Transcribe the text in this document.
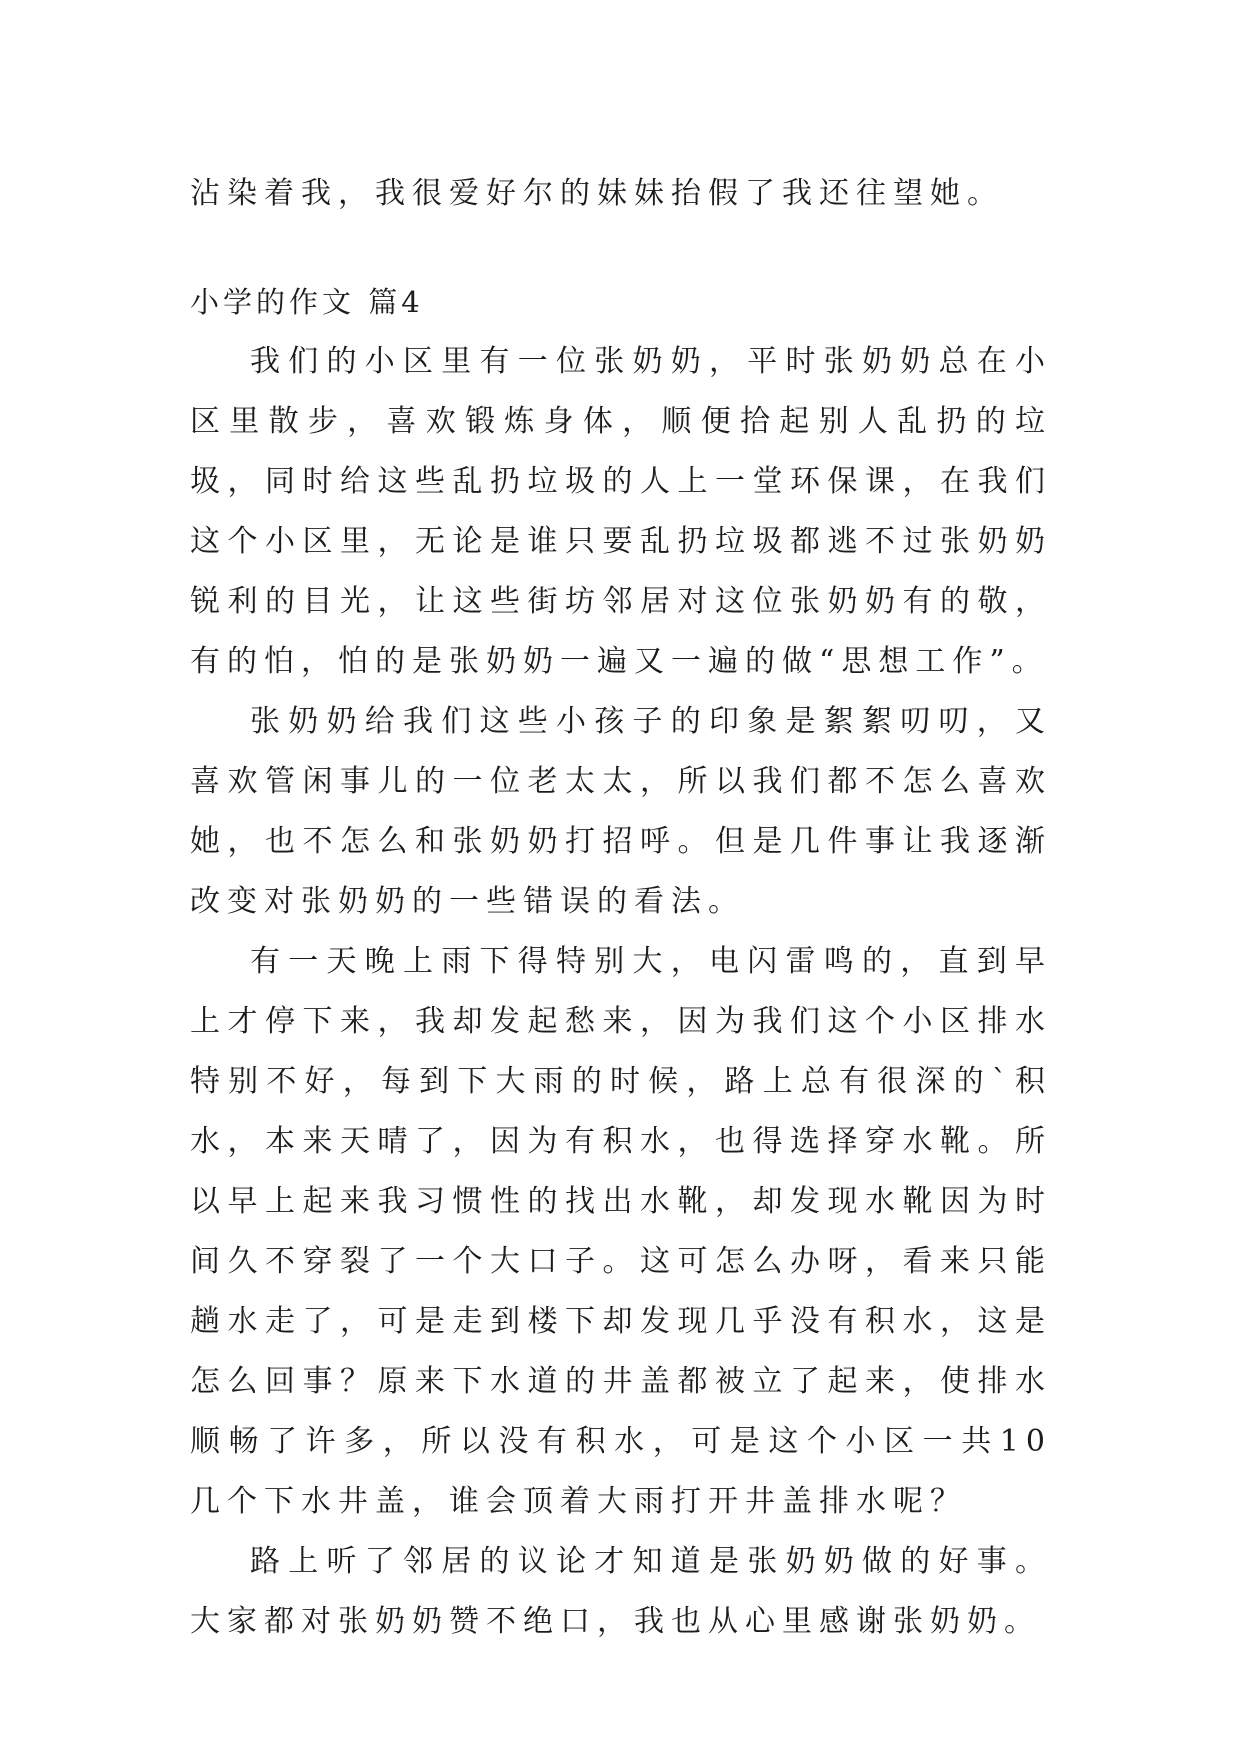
沾染着我，我很爱好尔的妹妹抬假了我还往望她。
小学的作文 篇4

我们的小区里有一位张奶奶，平时张奶奶总在小区里散步，喜欢锻炼身体，顺便拾起别人乱扔的垃圾，同时给这些乱扔垃圾的人上一堂环保课，在我们这个小区里，无论是谁只要乱扔垃圾都逃不过张奶奶锐利的目光，让这些街坊邻居对这位张奶奶有的敬，有的怕，怕的是张奶奶一遍又一遍的做“思想工作”。

张奶奶给我们这些小孩子的印象是絮絮叨叨，又喜欢管闲事儿的一位老太太，所以我们都不怎么喜欢她，也不怎么和张奶奶打招呼。但是几件事让我逐渐改变对张奶奶的一些错误的看法。

有一天晚上雨下得特别大，电闪雷鸣的，直到早上才停下来，我却发起愁来，因为我们这个小区排水特别不好，每到下大雨的时候，路上总有很深的`积水，本来天晴了，因为有积水，也得选择穿水靴。所以早上起来我习惯性的找出水靴，却发现水靴因为时间久不穿裂了一个大口子。这可怎么办呀，看来只能趟水走了，可是走到楼下却发现几乎没有积水，这是怎么回事？原来下水道的井盖都被立了起来，使排水顺畅了许多，所以没有积水，可是这个小区一共10几个下水井盖，谁会顶着大雨打开井盖排水呢？

路上听了邻居的议论才知道是张奶奶做的好事。大家都对张奶奶赞不绝口，我也从心里感谢张奶奶。
